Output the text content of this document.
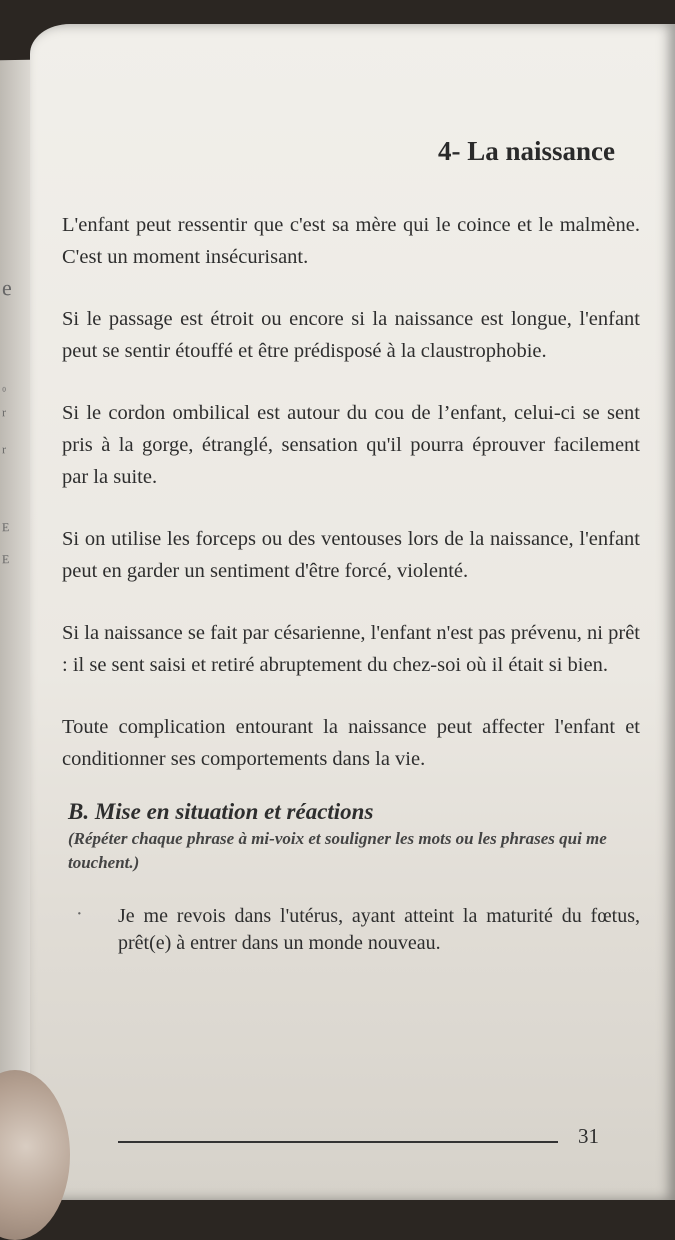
e
₀
r
r
E
E
4- La naissance

L'enfant peut ressentir que c'est sa mère qui le coince et le malmène. C'est un moment insécurisant.

Si le passage est étroit ou encore si la naissance est longue, l'enfant peut se sentir étouffé et être prédisposé à la claustrophobie.

Si le cordon ombilical est autour du cou de l’enfant, celui-ci se sent pris à la gorge, étranglé, sensation qu'il pourra éprouver facilement par la suite.

Si on utilise les forceps ou des ventouses lors de la naissance, l'enfant peut en garder un sentiment d'être forcé, violenté.

Si la naissance se fait par césarienne, l'enfant n'est pas prévenu, ni prêt : il se sent saisi et retiré abruptement du chez-soi où il était si bien.

Toute complication entourant la naissance peut affecter l'enfant et conditionner ses comportements dans la vie.

B. Mise en situation et réactions

(Répéter chaque phrase à mi-voix et souligner les mots ou les phrases qui me touchent.)

·	Je me revois dans l'utérus, ayant atteint la maturité du fœtus, prêt(e) à entrer dans un monde nouveau.

31
